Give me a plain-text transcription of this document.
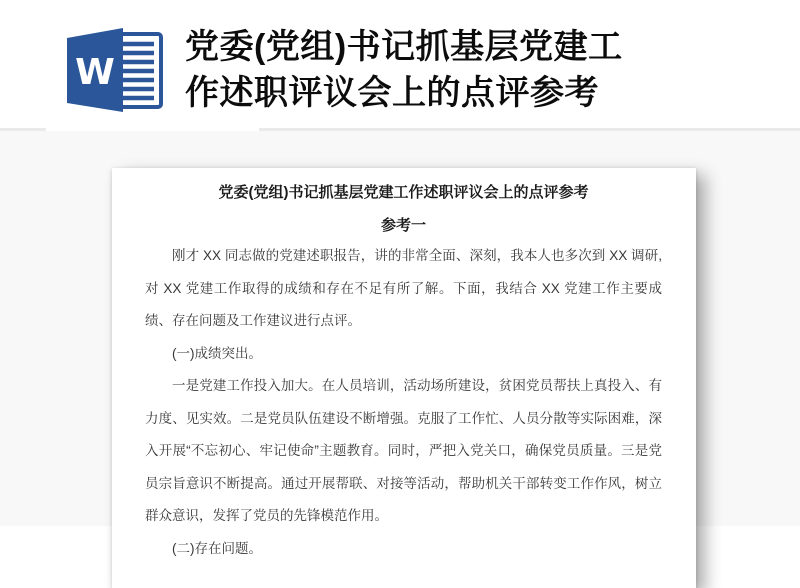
W
党委(党组)书记抓基层党建工
作述职评议会上的点评参考
党委(党组)书记抓基层党建工作述职评议会上的点评参考
参考一

刚才 XX 同志做的党建述职报告，讲的非常全面、深刻，我本人也多次到 XX 调研,对 XX 党建工作取得的成绩和存在不足有所了解。下面，我结合 XX 党建工作主要成绩、存在问题及工作建议进行点评。

(一)成绩突出。

一是党建工作投入加大。在人员培训，活动场所建设，贫困党员帮扶上真投入、有力度、见实效。二是党员队伍建设不断增强。克服了工作忙、人员分散等实际困难，深入开展“不忘初心、牢记使命”主题教育。同时，严把入党关口，确保党员质量。三是党员宗旨意识不断提高。通过开展帮联、对接等活动，帮助机关干部转变工作作风，树立群众意识，发挥了党员的先锋模范作用。

(二)存在问题。
